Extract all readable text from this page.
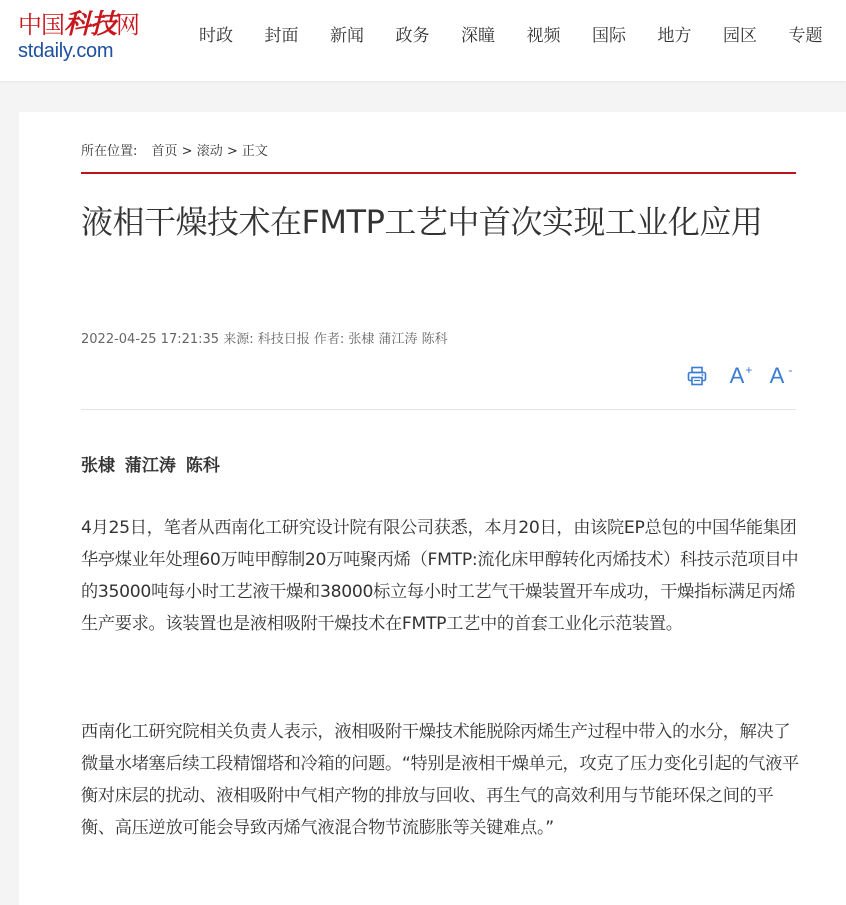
中国科技网
stdaily.com
时政	封面	新闻	政务	深瞳	视频	国际	地方	园区	专题
所在位置: 首页 > 滚动 > 正文
液相干燥技术在FMTP工艺中首次实现工业化应用
2022-04-25 17:21:35 来源: 科技日报 作者: 张棣 蒲江涛 陈科
A + A -
张棣 蒲江涛 陈科

4月25日，笔者从西南化工研究设计院有限公司获悉，本月20日，由该院EP总包的中国华能集团华亭煤业年处理60万吨甲醇制20万吨聚丙烯（FMTP:流化床甲醇转化丙烯技术）科技示范项目中的35000吨每小时工艺液干燥和38000标立每小时工艺气干燥装置开车成功，干燥指标满足丙烯生产要求。该装置也是液相吸附干燥技术在FMTP工艺中的首套工业化示范装置。

西南化工研究院相关负责人表示，液相吸附干燥技术能脱除丙烯生产过程中带入的水分，解决了微量水堵塞后续工段精馏塔和冷箱的问题。“特别是液相干燥单元，攻克了压力变化引起的气液平衡对床层的扰动、液相吸附中气相产物的排放与回收、再生气的高效利用与节能环保之间的平衡、高压逆放可能会导致丙烯气液混合物节流膨胀等关键难点。”
